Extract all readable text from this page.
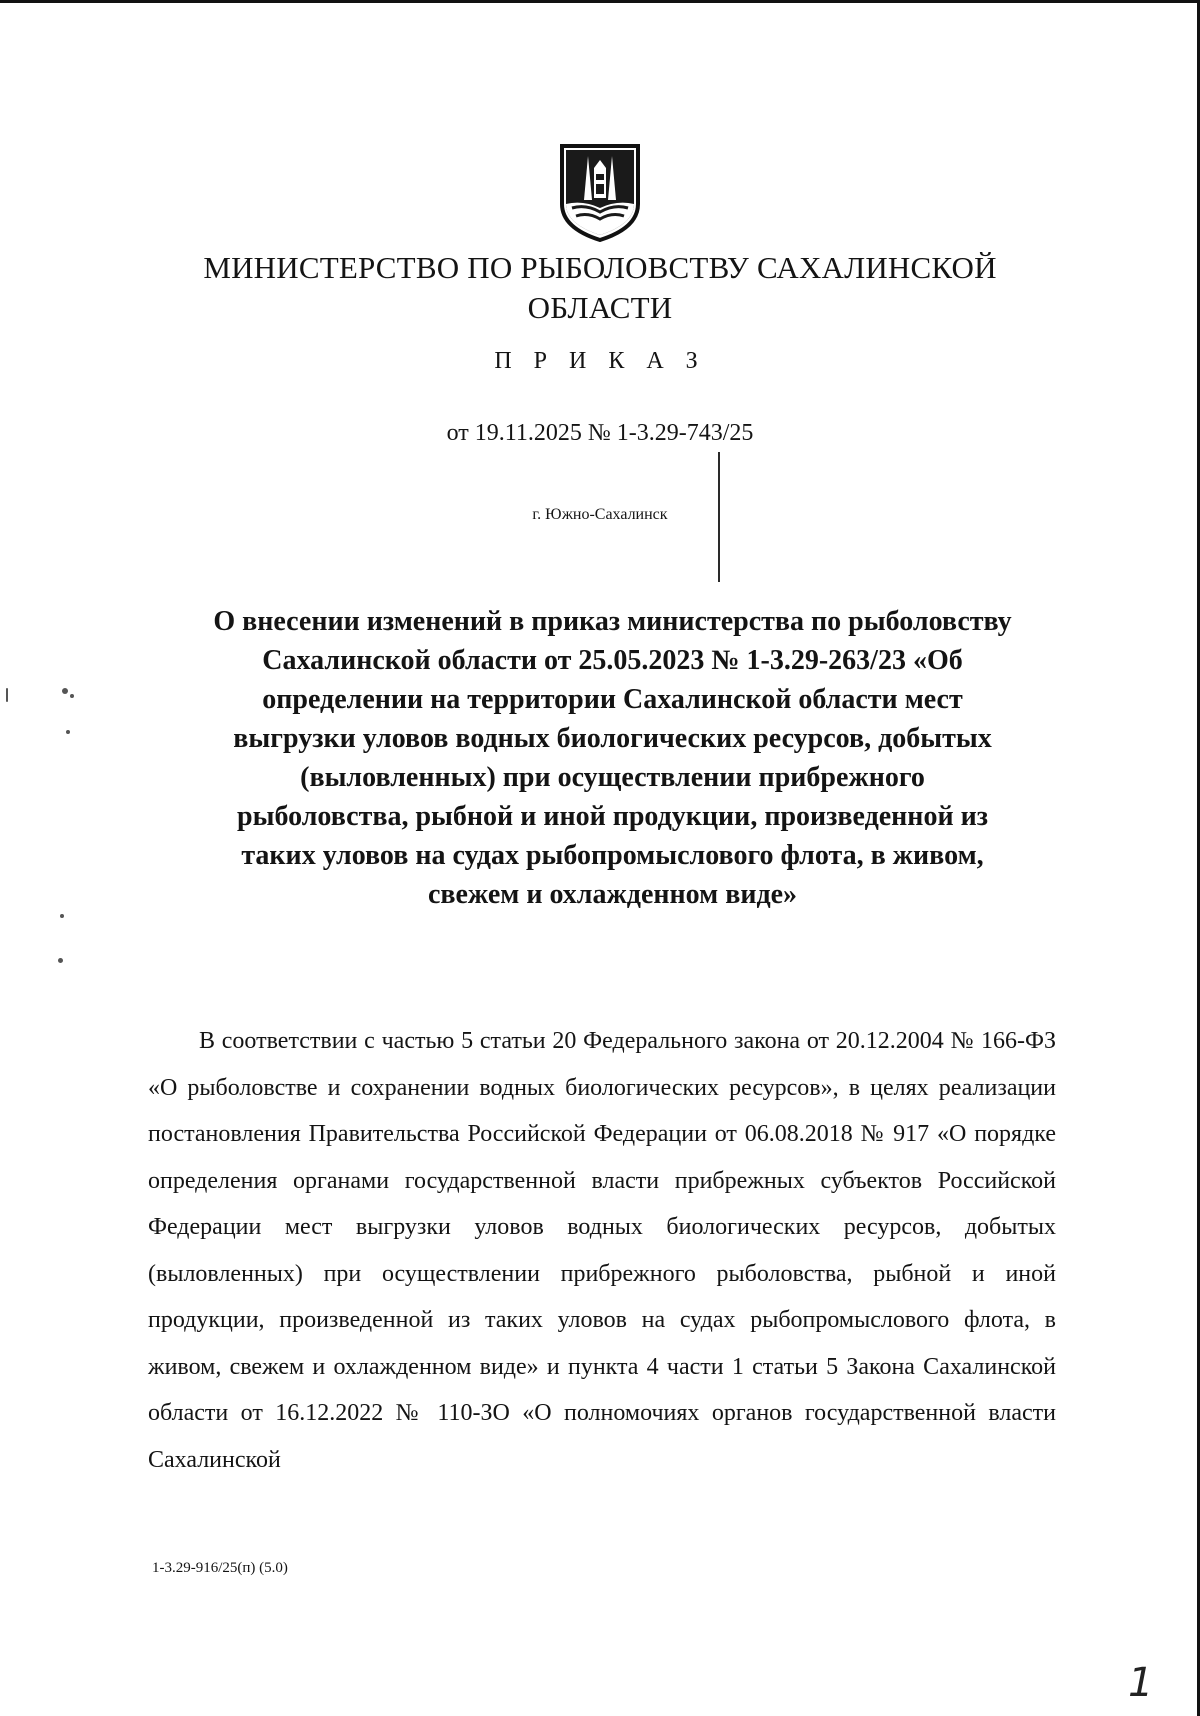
МИНИСТЕРСТВО ПО РЫБОЛОВСТВУ САХАЛИНСКОЙ
ОБЛАСТИ
П Р И К А З
от 19.11.2025 № 1-3.29-743/25
г. Южно-Сахалинск
О внесении изменений в приказ министерства по рыболовству
Сахалинской области от 25.05.2023 № 1-3.29-263/23 «Об
определении на территории Сахалинской области мест
выгрузки уловов водных биологических ресурсов, добытых
(выловленных) при осуществлении прибрежного
рыболовства, рыбной и иной продукции, произведенной из
таких уловов на судах рыбопромыслового флота, в живом,
свежем и охлажденном виде»

В соответствии с частью 5 статьи 20 Федерального закона от 20.12.2004 № 166-ФЗ «О рыболовстве и сохранении водных биологических ресурсов», в целях реализации постановления Правительства Российской Федерации от 06.08.2018 № 917 «О порядке определения органами государственной власти прибрежных субъектов Российской Федерации мест выгрузки уловов водных биологических ресурсов, добытых (выловленных) при осуществлении прибрежного рыболовства, рыбной и иной продукции, произведенной из таких уловов на судах рыбопромыслового флота, в живом, свежем и охлажденном виде» и пункта 4 части 1 статьи 5 Закона Сахалинской области от 16.12.2022 № 110-ЗО «О полномочиях органов государственной власти Сахалинской

1-3.29-916/25(п) (5.0)
1
